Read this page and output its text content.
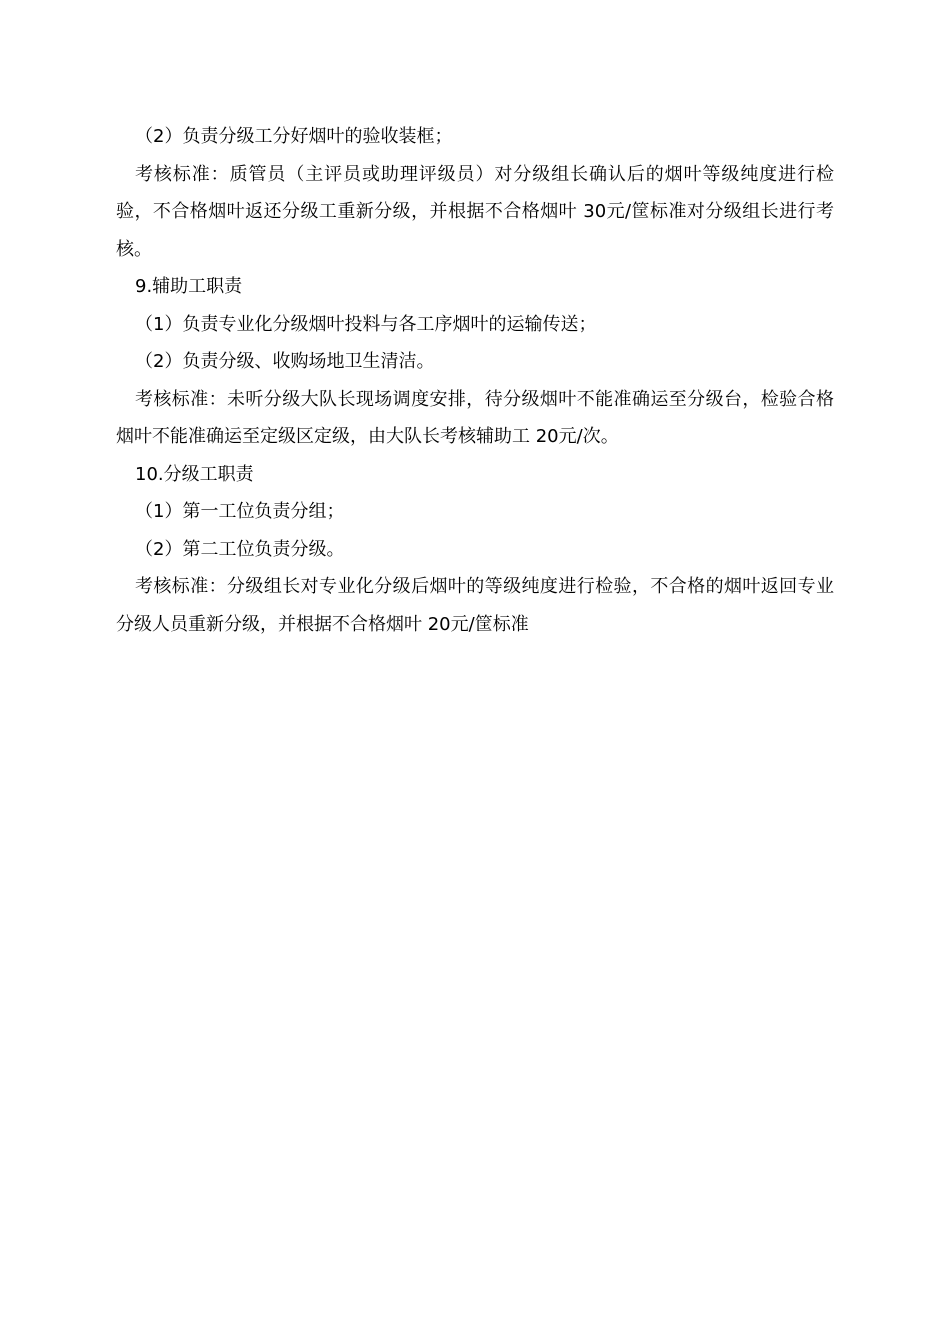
（2）负责分级工分好烟叶的验收装框；

考核标准：质管员（主评员或助理评级员）对分级组长确认后的烟叶等级纯度进行检验，不合格烟叶返还分级工重新分级，并根据不合格烟叶 30元/筐标准对分级组长进行考核。

9.辅助工职责

（1）负责专业化分级烟叶投料与各工序烟叶的运输传送；

（2）负责分级、收购场地卫生清洁。

考核标准：未听分级大队长现场调度安排，待分级烟叶不能准确运至分级台，检验合格烟叶不能准确运至定级区定级，由大队长考核辅助工 20元/次。

10.分级工职责

（1）第一工位负责分组；

（2）第二工位负责分级。

考核标准：分级组长对专业化分级后烟叶的等级纯度进行检验，不合格的烟叶返回专业分级人员重新分级，并根据不合格烟叶 20元/筐标准
